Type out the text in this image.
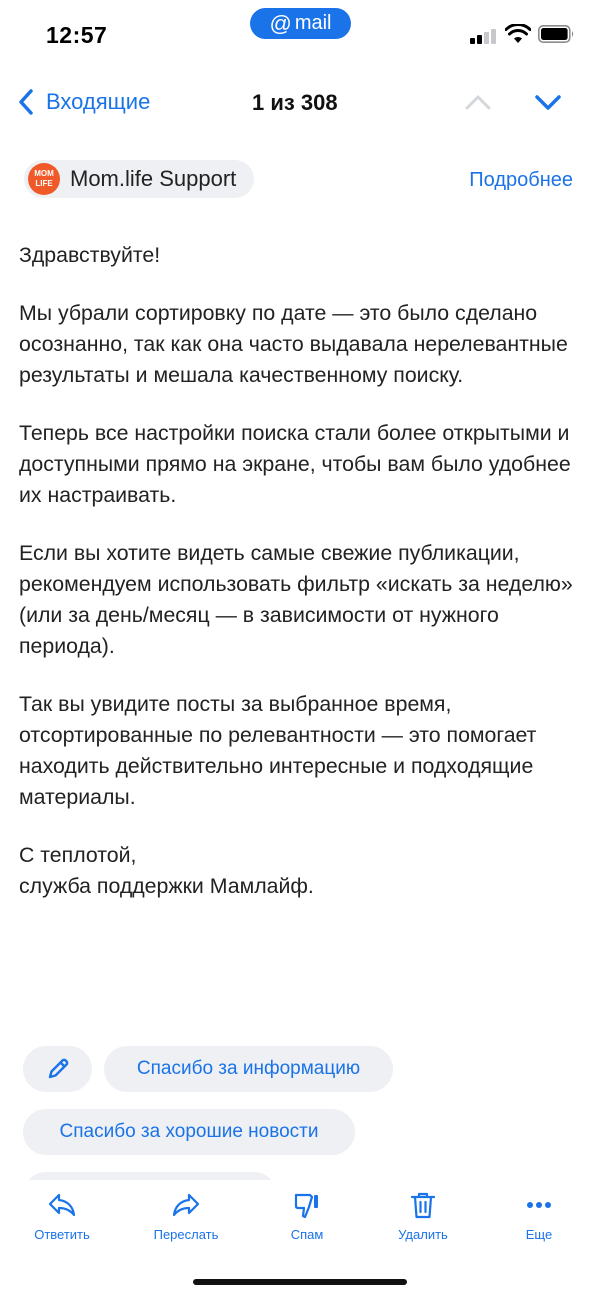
12:57	@ mail
Входящие	1 из 308
MOM
LIFE Mom.life Support	Подробнее

Здравствуйте!

Мы убрали сортировку по дате — это было сделано осознанно, так как она часто выдавала нерелевантные результаты и мешала качественному поиску.

Теперь все настройки поиска стали более открытыми и доступными прямо на экране, чтобы вам было удобнее их настраивать.

Если вы хотите видеть самые свежие публикации, рекомендуем использовать фильтр «искать за неделю» (или за день/месяц — в зависимости от нужного периода).

Так вы увидите посты за выбранное время, отсортированные по релевантности — это помогает находить действительно интересные и подходящие материалы.

С теплотой,
служба поддержки Мамлайф.

Спасибо за информацию
Спасибо за хорошие новости
Ответить	Переслать	Спам	Удалить	Еще
